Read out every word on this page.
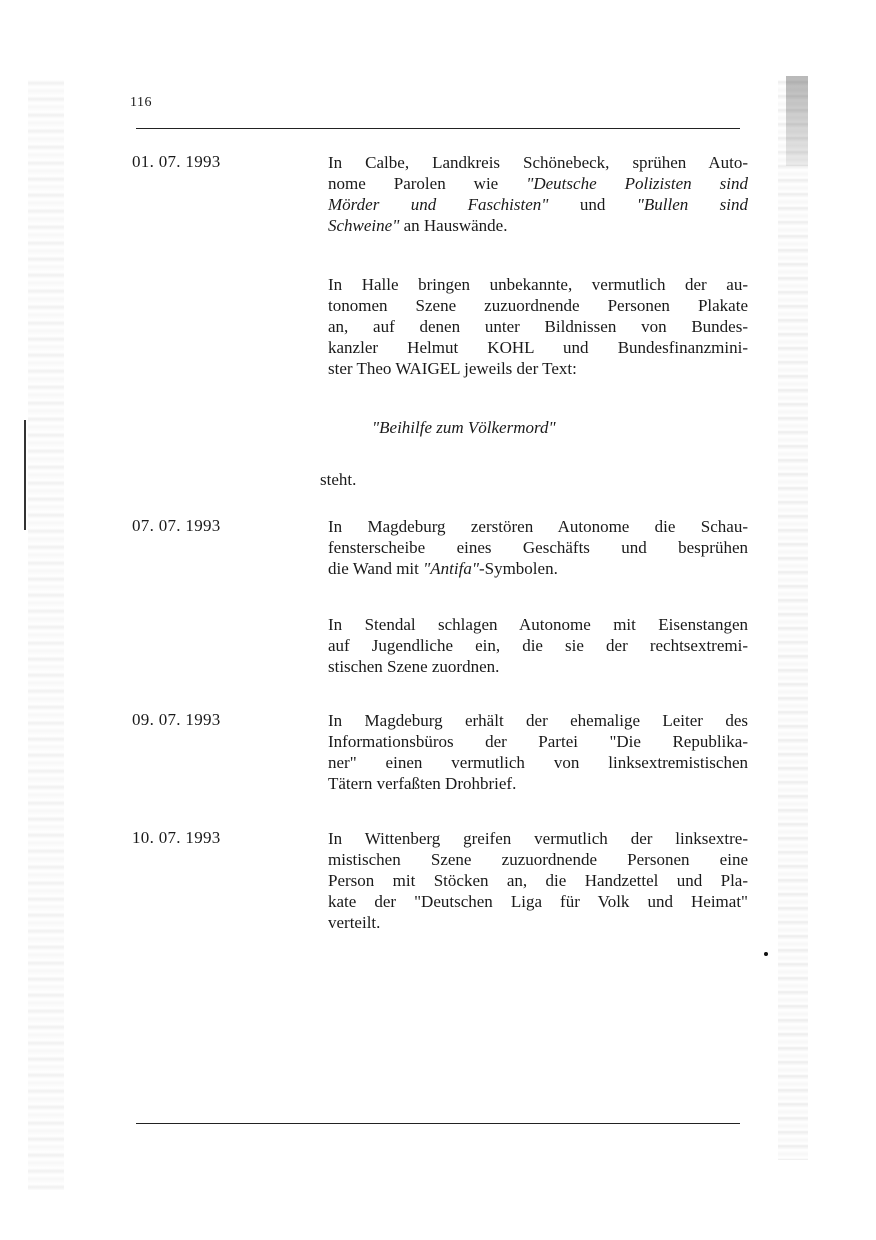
116
01. 07. 1993	In Calbe, Landkreis Schönebeck, sprühen Auto-
nome Parolen wie "Deutsche Polizisten sind
Mörder und Faschisten" und "Bullen sind
Schweine" an Hauswände.
In Halle bringen unbekannte, vermutlich der au-
tonomen Szene zuzuordnende Personen Plakate
an, auf denen unter Bildnissen von Bundes-
kanzler Helmut KOHL und Bundesfinanzmini-
ster Theo WAIGEL jeweils der Text:
"Beihilfe zum Völkermord"
steht.
07. 07. 1993	In Magdeburg zerstören Autonome die Schau-
fensterscheibe eines Geschäfts und besprühen
die Wand mit "Antifa"-Symbolen.
In Stendal schlagen Autonome mit Eisenstangen
auf Jugendliche ein, die sie der rechtsextremi-
stischen Szene zuordnen.
09. 07. 1993	In Magdeburg erhält der ehemalige Leiter des
Informationsbüros der Partei "Die Republika-
ner" einen vermutlich von linksextremistischen
Tätern verfaßten Drohbrief.
10. 07. 1993	In Wittenberg greifen vermutlich der linksextre-
mistischen Szene zuzuordnende Personen eine
Person mit Stöcken an, die Handzettel und Pla-
kate der "Deutschen Liga für Volk und Heimat"
verteilt.
